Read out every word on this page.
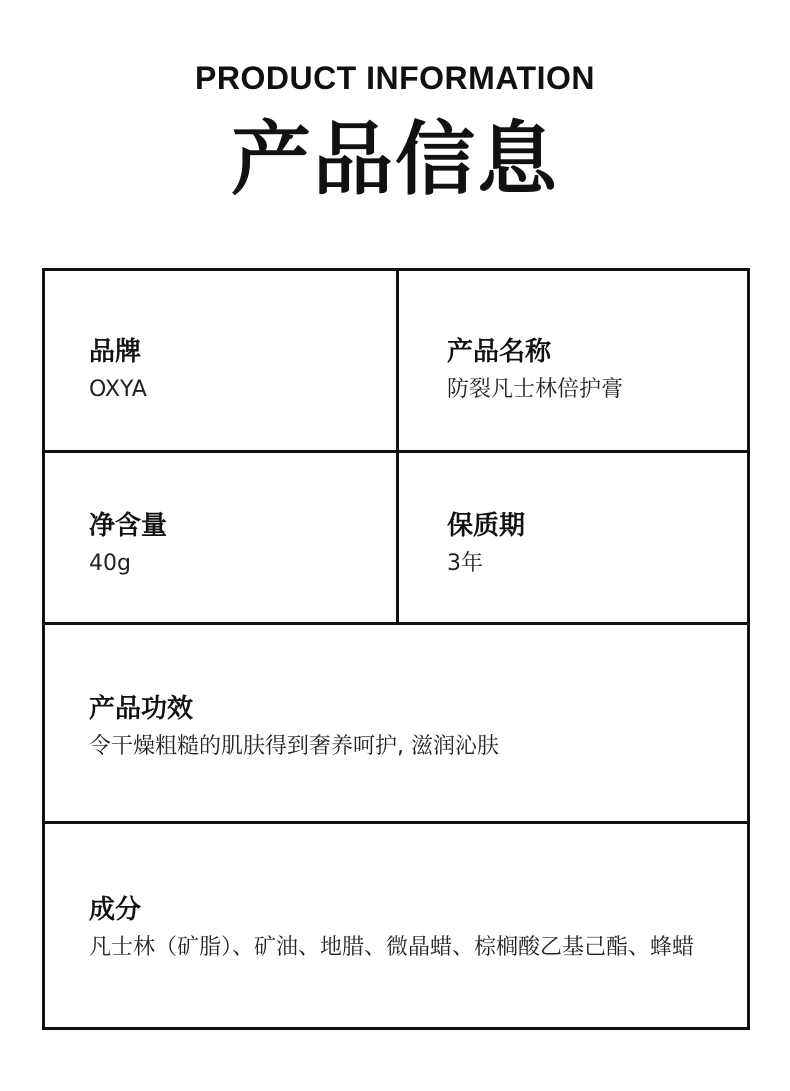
PRODUCT INFORMATION
产品信息
品牌
OXYA
产品名称
防裂凡士林倍护膏
净含量
40g
保质期
3年
产品功效
令干燥粗糙的肌肤得到奢养呵护, 滋润沁肤
成分
凡士林（矿脂）、矿油、地腊、微晶蜡、棕榈酸乙基己酯、蜂蜡
